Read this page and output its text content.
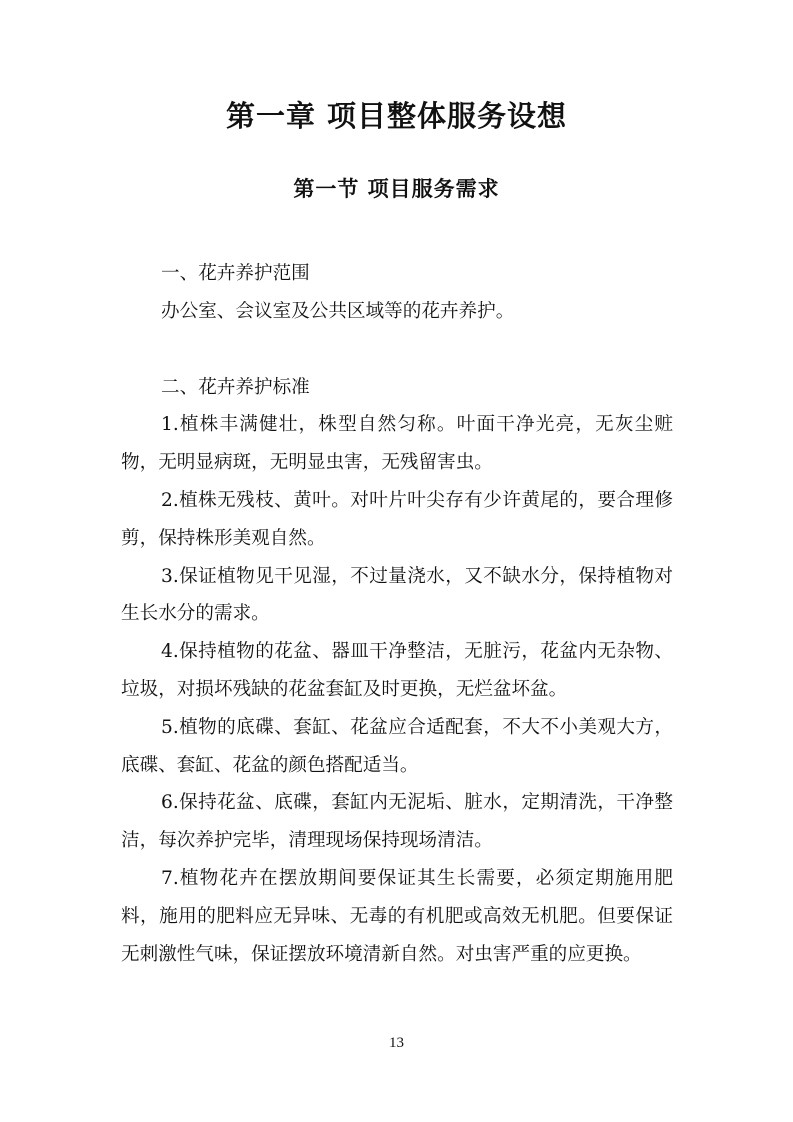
第一章 项目整体服务设想
第一节 项目服务需求

一、花卉养护范围

办公室、会议室及公共区域等的花卉养护。

二、花卉养护标准

1.植株丰满健壮，株型自然匀称。叶面干净光亮，无灰尘赃物，无明显病斑，无明显虫害，无残留害虫。

2.植株无残枝、黄叶。对叶片叶尖存有少许黄尾的，要合理修剪，保持株形美观自然。

3.保证植物见干见湿，不过量浇水，又不缺水分，保持植物对生长水分的需求。

4.保持植物的花盆、器皿干净整洁，无脏污，花盆内无杂物、垃圾，对损坏残缺的花盆套缸及时更换，无烂盆坏盆。

5.植物的底碟、套缸、花盆应合适配套，不大不小美观大方，底碟、套缸、花盆的颜色搭配适当。

6.保持花盆、底碟，套缸内无泥垢、脏水，定期清洗，干净整洁，每次养护完毕，清理现场保持现场清洁。

7.植物花卉在摆放期间要保证其生长需要，必须定期施用肥料，施用的肥料应无异味、无毒的有机肥或高效无机肥。但要保证无刺激性气味，保证摆放环境清新自然。对虫害严重的应更换。

13
